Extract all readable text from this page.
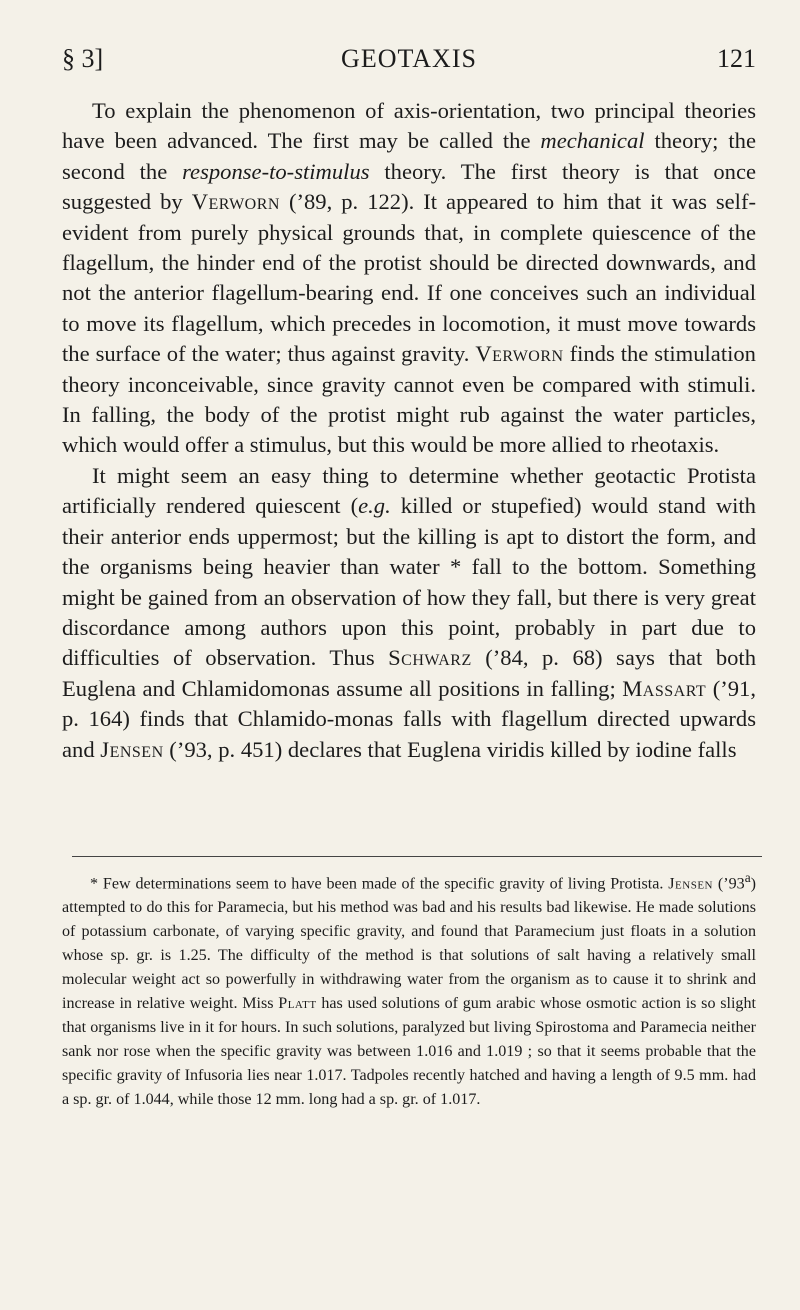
§ 3]	GEOTAXIS	121

To explain the phenomenon of axis-orientation, two principal theories have been advanced. The first may be called the mechanical theory; the second the response-to-stimulus theory. The first theory is that once suggested by Verworn (’89, p. 122). It appeared to him that it was self-evident from purely physical grounds that, in complete quiescence of the flagellum, the hinder end of the protist should be directed downwards, and not the anterior flagellum-bearing end. If one conceives such an individual to move its flagellum, which precedes in locomotion, it must move towards the surface of the water; thus against gravity. Verworn finds the stimulation theory inconceivable, since gravity cannot even be compared with stimuli. In falling, the body of the protist might rub against the water particles, which would offer a stimulus, but this would be more allied to rheotaxis.

It might seem an easy thing to determine whether geotactic Protista artificially rendered quiescent (e.g. killed or stupefied) would stand with their anterior ends uppermost; but the killing is apt to distort the form, and the organisms being heavier than water * fall to the bottom. Something might be gained from an observation of how they fall, but there is very great discordance among authors upon this point, probably in part due to difficulties of observation. Thus Schwarz (’84, p. 68) says that both Euglena and Chlamidomonas assume all positions in falling; Massart (’91, p. 164) finds that Chlamido-monas falls with flagellum directed upwards and Jensen (’93, p. 451) declares that Euglena viridis killed by iodine falls

* Few determinations seem to have been made of the specific gravity of living Protista. Jensen (’93$^a$) attempted to do this for Paramecia, but his method was bad and his results bad likewise. He made solutions of potassium carbonate, of varying specific gravity, and found that Paramecium just floats in a solution whose sp. gr. is 1.25. The difficulty of the method is that solutions of salt having a relatively small molecular weight act so powerfully in withdrawing water from the organism as to cause it to shrink and increase in relative weight. Miss Platt has used solutions of gum arabic whose osmotic action is so slight that organisms live in it for hours. In such solutions, paralyzed but living Spirostoma and Paramecia neither sank nor rose when the specific gravity was between 1.016 and 1.019 ; so that it seems probable that the specific gravity of Infusoria lies near 1.017. Tadpoles recently hatched and having a length of 9.5 mm. had a sp. gr. of 1.044, while those 12 mm. long had a sp. gr. of 1.017.
